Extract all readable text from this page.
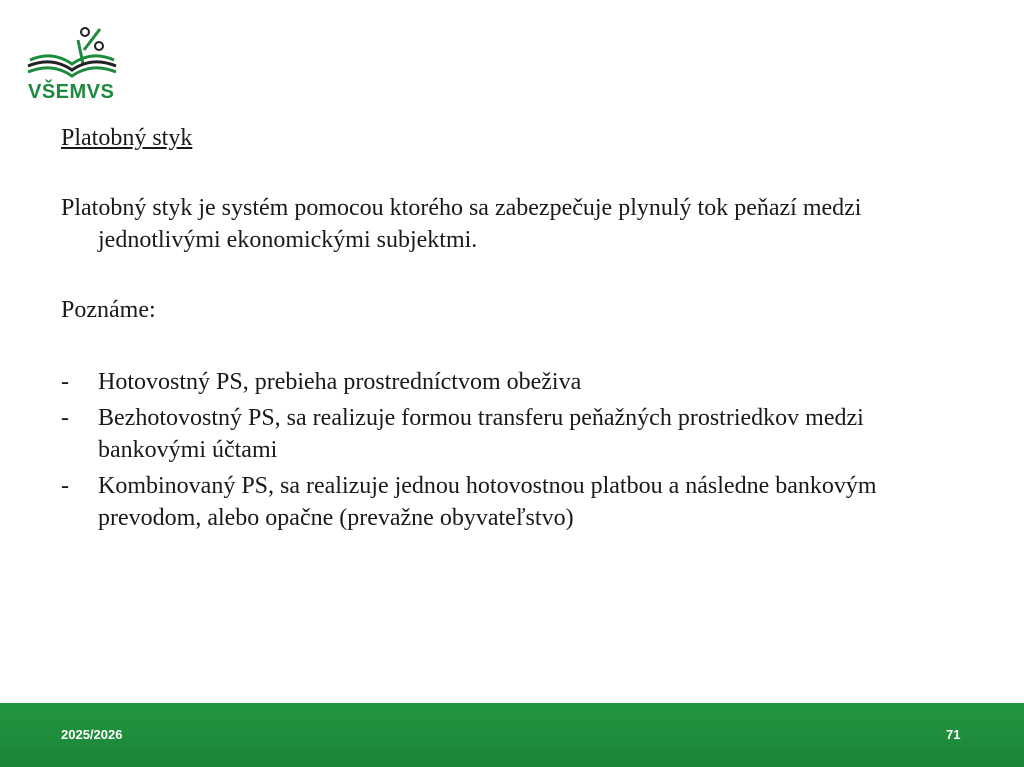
VŠEMVS

Platobný styk

Platobný styk je systém pomocou ktorého sa zabezpečuje plynulý tok peňazí medzi jednotlivými ekonomickými subjektmi.

Poznáme:

- Hotovostný PS, prebieha prostredníctvom obeživa
- Bezhotovostný PS, sa realizuje formou transferu peňažných prostriedkov medzi bankovými účtami
- Kombinovaný PS, sa realizuje jednou hotovostnou platbou a následne bankovým prevodom, alebo opačne (prevažne obyvateľstvo)
2025/2026	71
